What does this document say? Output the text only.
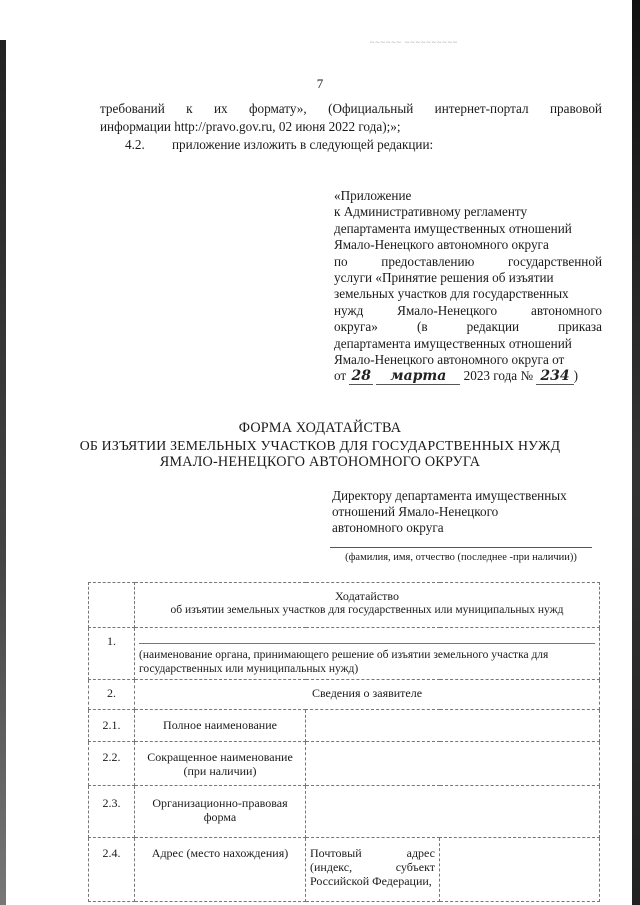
~~~~~~ ~~~~~~~~~~
7
требований к их формату», (Официальный интернет-портал правовой
информации http://pravo.gov.ru, 02 июня 2022 года);»;
4.2. приложение изложить в следующей редакции:
«Приложение
к Административному регламенту
департамента имущественных отношений
Ямало-Ненецкого автономного округа
по предоставлению государственной
услуги «Принятие решения об изъятии
земельных участков для государственных
нужд Ямало-Ненецкого автономного
округа» (в редакции приказа
департамента имущественных отношений
Ямало-Ненецкого автономного округа от
от 28 марта 2023 года № 234 )
ФОРМА ХОДАТАЙСТВА
ОБ ИЗЪЯТИИ ЗЕМЕЛЬНЫХ УЧАСТКОВ ДЛЯ ГОСУДАРСТВЕННЫХ НУЖД
ЯМАЛО-НЕНЕЦКОГО АВТОНОМНОГО ОКРУГА
Директору департамента имущественных
отношений Ямало-Ненецкого
автономного округа
(фамилия, имя, отчество (последнее -при наличии))

	Ходатайство
об изъятии земельных участков для государственных или муниципальных нужд		

1.	(наименование органа, принимающего решение об изъятии земельного участка для государственных или муниципальных нужд)		

2.	Сведения о заявителе		
2.1.	Полное наименование		
2.2.	Сокращенное наименование (при наличии)		
2.3.	Организационно-правовая форма		
2.4.	Адрес (место нахождения)	Почтовый адрес (индекс, субъект Российской Федерации,	
